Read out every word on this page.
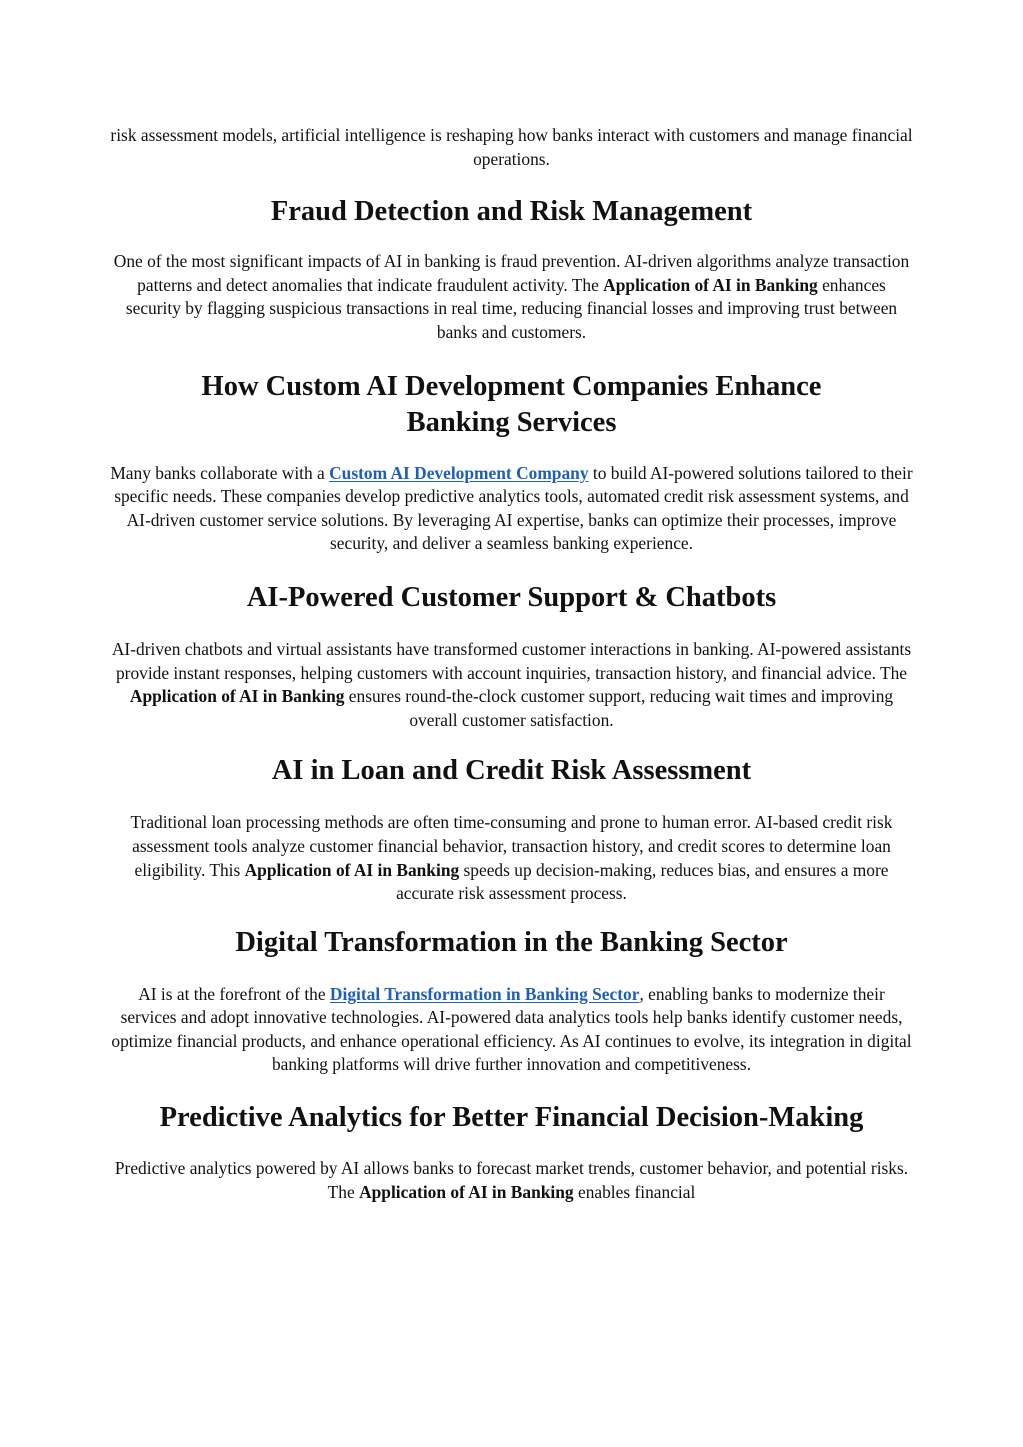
risk assessment models, artificial intelligence is reshaping how banks interact with customers and manage financial operations.

Fraud Detection and Risk Management

One of the most significant impacts of AI in banking is fraud prevention. AI-driven algorithms analyze transaction patterns and detect anomalies that indicate fraudulent activity. The Application of AI in Banking enhances security by flagging suspicious transactions in real time, reducing financial losses and improving trust between banks and customers.

How Custom AI Development Companies Enhance Banking Services

Many banks collaborate with a Custom AI Development Company to build AI-powered solutions tailored to their specific needs. These companies develop predictive analytics tools, automated credit risk assessment systems, and AI-driven customer service solutions. By leveraging AI expertise, banks can optimize their processes, improve security, and deliver a seamless banking experience.

AI-Powered Customer Support & Chatbots

AI-driven chatbots and virtual assistants have transformed customer interactions in banking. AI-powered assistants provide instant responses, helping customers with account inquiries, transaction history, and financial advice. The Application of AI in Banking ensures round-the-clock customer support, reducing wait times and improving overall customer satisfaction.

AI in Loan and Credit Risk Assessment

Traditional loan processing methods are often time-consuming and prone to human error. AI-based credit risk assessment tools analyze customer financial behavior, transaction history, and credit scores to determine loan eligibility. This Application of AI in Banking speeds up decision-making, reduces bias, and ensures a more accurate risk assessment process.

Digital Transformation in the Banking Sector

AI is at the forefront of the Digital Transformation in Banking Sector, enabling banks to modernize their services and adopt innovative technologies. AI-powered data analytics tools help banks identify customer needs, optimize financial products, and enhance operational efficiency. As AI continues to evolve, its integration in digital banking platforms will drive further innovation and competitiveness.

Predictive Analytics for Better Financial Decision-Making

Predictive analytics powered by AI allows banks to forecast market trends, customer behavior, and potential risks. The Application of AI in Banking enables financial
